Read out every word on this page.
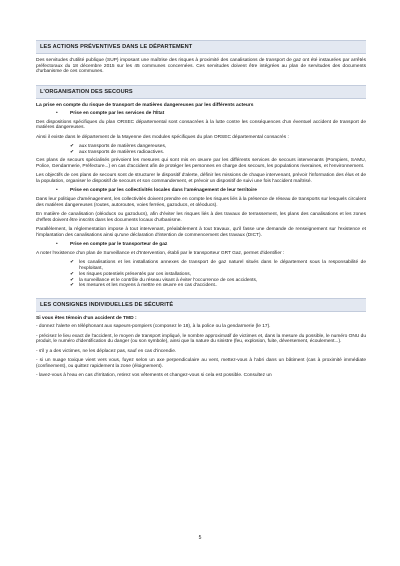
LES ACTIONS PRÉVENTIVES DANS LE DÉPARTEMENT

Des servitudes d'utilité publique (SUP) imposant une maîtrise des risques à proximité des canalisations de transport de gaz ont été instaurées par arrêtés préfectoraux du 18 décembre 2015 sur les 45 communes concernées. Ces servitudes doivent être intégrées au plan de servitudes des documents d'urbanisme de ces communes.

L'ORGANISATION DES SECOURS

La prise en compte du risque de transport de matières dangereuses par les différents acteurs

•	Prise en compte par les services de l'État

Des dispositions spécifiques du plan ORSEC départemental sont consacrées à la lutte contre les conséquences d'un éventuel accident de transport de matières dangereuses.

Ainsi il existe dans le département de la Mayenne des modules spécifiques du plan ORSEC départemental consacrés :

✔ aux transports de matières dangereuses,
✔ aux transports de matières radioactives.

Ces plans de secours spécialisés prévoient les mesures qui sont mis en œuvre par les différents services de secours intervenants (Pompiers, SAMU, Police, Gendarmerie, Préfecture...) en cas d'accident afin de protéger les personnes en charge des secours, les populations riveraines, et l'environnement.

Les objectifs de ces plans de secours sont de structurer le dispositif d'alerte, définir les missions de chaque intervenant, prévoir l'information des élus et de la population, organiser le dispositif de secours et son commandement, et prévoir un dispositif de suivi une fois l'accident maîtrisé.

•	Prise en compte par les collectivités locales dans l'aménagement de leur territoire

Dans leur politique d'aménagement, les collectivités doivent prendre en compte les risques liés à la présence de réseau de transports sur lesquels circulent des matières dangereuses (routes, autoroutes, voies ferrées, gazoducs, et oléoducs).

En matière de canalisation (oléoducs ou gazoducs), afin d'éviter les risques liés à des travaux de terrassement, les plans des canalisations et les zones d'effets doivent être inscrits dans les documents locaux d'urbanisme.

Parallèlement, la réglementation impose à tout intervenant, préalablement à tout travaux, qu'il fasse une demande de renseignement sur l'existence et l'implantation des canalisations ainsi qu'une déclaration d'intention de commencement des travaux (DICT).

•	Prise en compte par le transporteur de gaz

A noter l'existence d'un plan de Surveillance et d'Intervention, établi par le transporteur GRT Gaz, permet d'identifier :

✔ les canalisations et les installations annexes de transport de gaz naturel situés dans le département sous la responsabilité de l'exploitant,
✔ les risques potentiels présentés par ces installations,
✔ la surveillance et le contrôle du réseau visant à éviter l'occurrence de ces accidents,
✔ les mesures et les moyens à mettre en œuvre en cas d'accident..
LES CONSIGNES INDIVIDUELLES DE SÉCURITÉ

Si vous êtes témoin d'un accident de TMD :

- donnez l'alerte en téléphonant aux sapeurs-pompiers (composez le 18), à la police ou la gendarmerie (le 17).

- précisez le lieu exact de l'accident, le moyen de transport impliqué, le nombre approximatif de victimes et, dans la mesure du possible, le numéro ONU du produit, le numéro d'identification du danger (ou son symbole), ainsi que la nature du sinistre (feu, explosion, fuite, déversement, écoulement...).

- s'il y a des victimes, ne les déplacez pas, sauf en cas d'incendie.

- si un nuage toxique vient vers vous, fuyez selon un axe perpendiculaire au vent, mettez-vous à l'abri dans un bâtiment (cas à proximité immédiate (confinement), ou quittez rapidement la zone (éloignement).

- lavez-vous à l'eau en cas d'irritation, retirez vos vêtements et changez-vous si cela est possible. Consultez un

5
